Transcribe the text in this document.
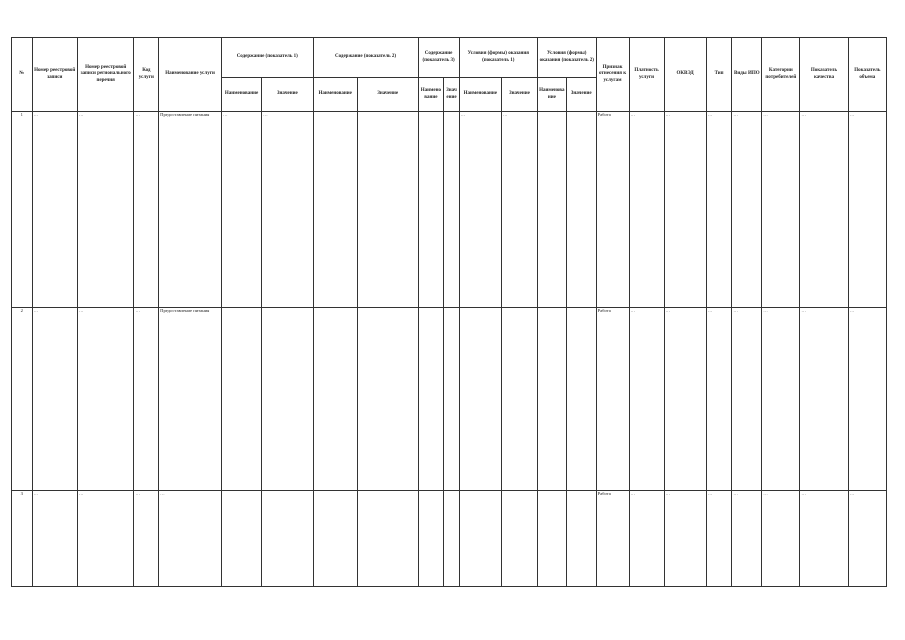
№	Номер реестровой записи	Номер реестровой записи регионального перечня	Код услуги	Наименование услуги	Содержание (показатель 1)		Содержание (показатель 2)		Содержание (показатель 3)		Условия (формы) оказания (показатель 1)		Условия (формы) оказания (показатель 2)		Признак отнесения к услугам	Платность услуги	ОКВЭД	Тип	Виды ИПО	Категории потребителей	Показатель качества	Показатель объема
					Наименование	Значение	Наименование	Значение	Наименование	Значение	Наименование	Значение	Наименование	Значение								
1	…	…	…	Предоставление питания	…	…					…	…			Работа	…	…	…	…	…	…	…
2	…	…	…	Предоставление питания											Работа	…	…	…	…	…	…	…
3	…	…	…	…											Работа	…	…	…	…	…	…	…
